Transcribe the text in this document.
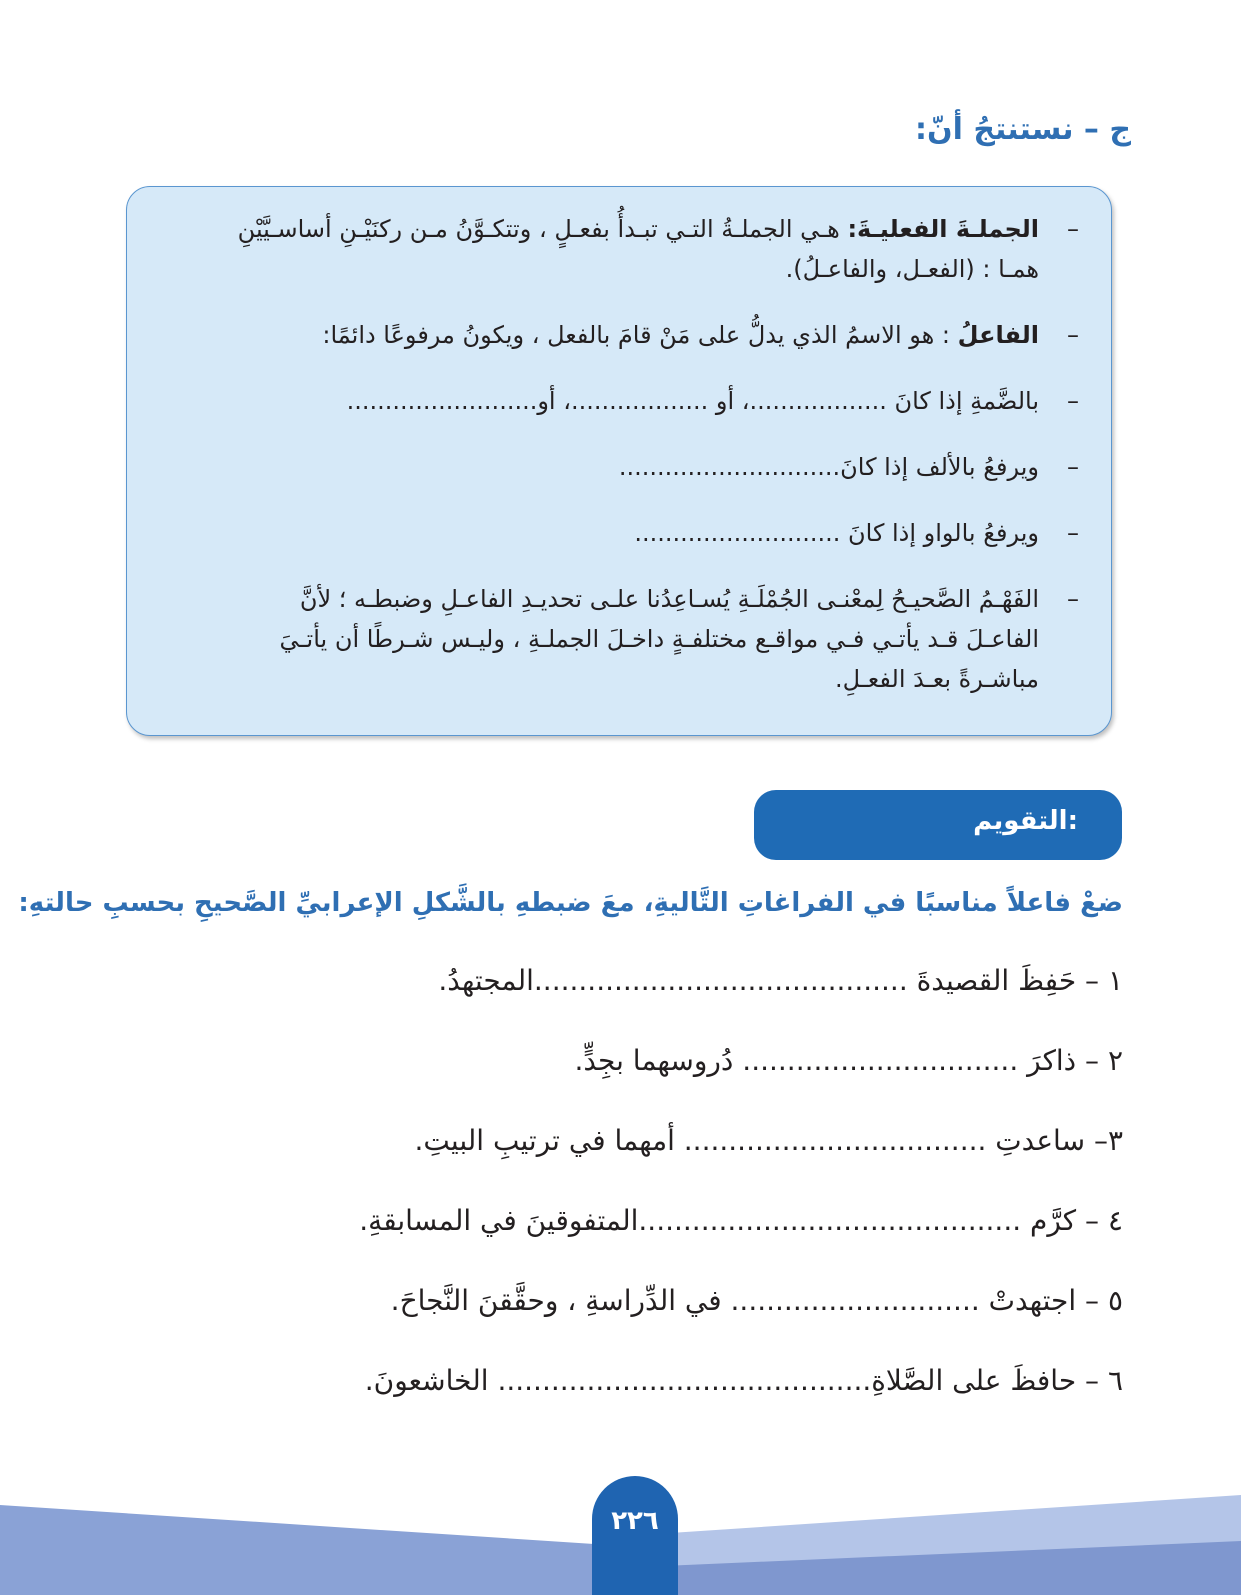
ج – نستنتجُ أنّ:
–
الجملـةَ الفعليـةَ: هـي الجملـةُ التـي تبـدأُ بفعـلٍ ، وتتكـوَّنُ مـن ركنَيْـنِ أساسـيَّيْنِ
همـا : (الفعـل، والفاعـلُ).
–
الفاعلُ : هو الاسمُ الذي يدلُّ على مَنْ قامَ بالفعل ، ويكونُ مرفوعًا دائمًا:
–
بالضَّمةِ إذا كانَ ..................، أو ..................، أو.........................
–
ويرفعُ بالألف إذا كانَ.............................
–
ويرفعُ بالواو إذا كانَ ...........................
–
الفَهْـمُ الصَّحيـحُ لِمعْنـى الجُمْلَـةِ يُسـاعِدُنا علـى تحديـدِ الفاعـلِ وضبطـه ؛ لأنَّ
الفاعـلَ قـد يأتـي فـي مواقـع مختلفـةٍ داخـلَ الجملـةِ ، وليـس شـرطًا أن يأتـيَ
مباشـرةً بعـدَ الفعـلِ.
التقويم:
ضعْ فاعلاً مناسبًا في الفراغاتِ التَّاليةِ، معَ ضبطهِ بالشَّكلِ الإعرابيِّ الصَّحيحِ بحسبِ حالتهِ:
١ – حَفِظَ القصيدةَ ..........................................المجتهدُ.
٢ – ذاكرَ ............................... دُروسهما بجِدٍّ.
٣– ساعدتِ .................................. أمهما في ترتيبِ البيتِ.
٤ – كرَّم ...........................................المتفوقينَ في المسابقةِ.
٥ – اجتهدتْ ............................ في الدِّراسةِ ، وحقَّقنَ النَّجاحَ.
٦ – حافظَ على الصَّلاةِ.......................................... الخاشعونَ.
٢٢٦
